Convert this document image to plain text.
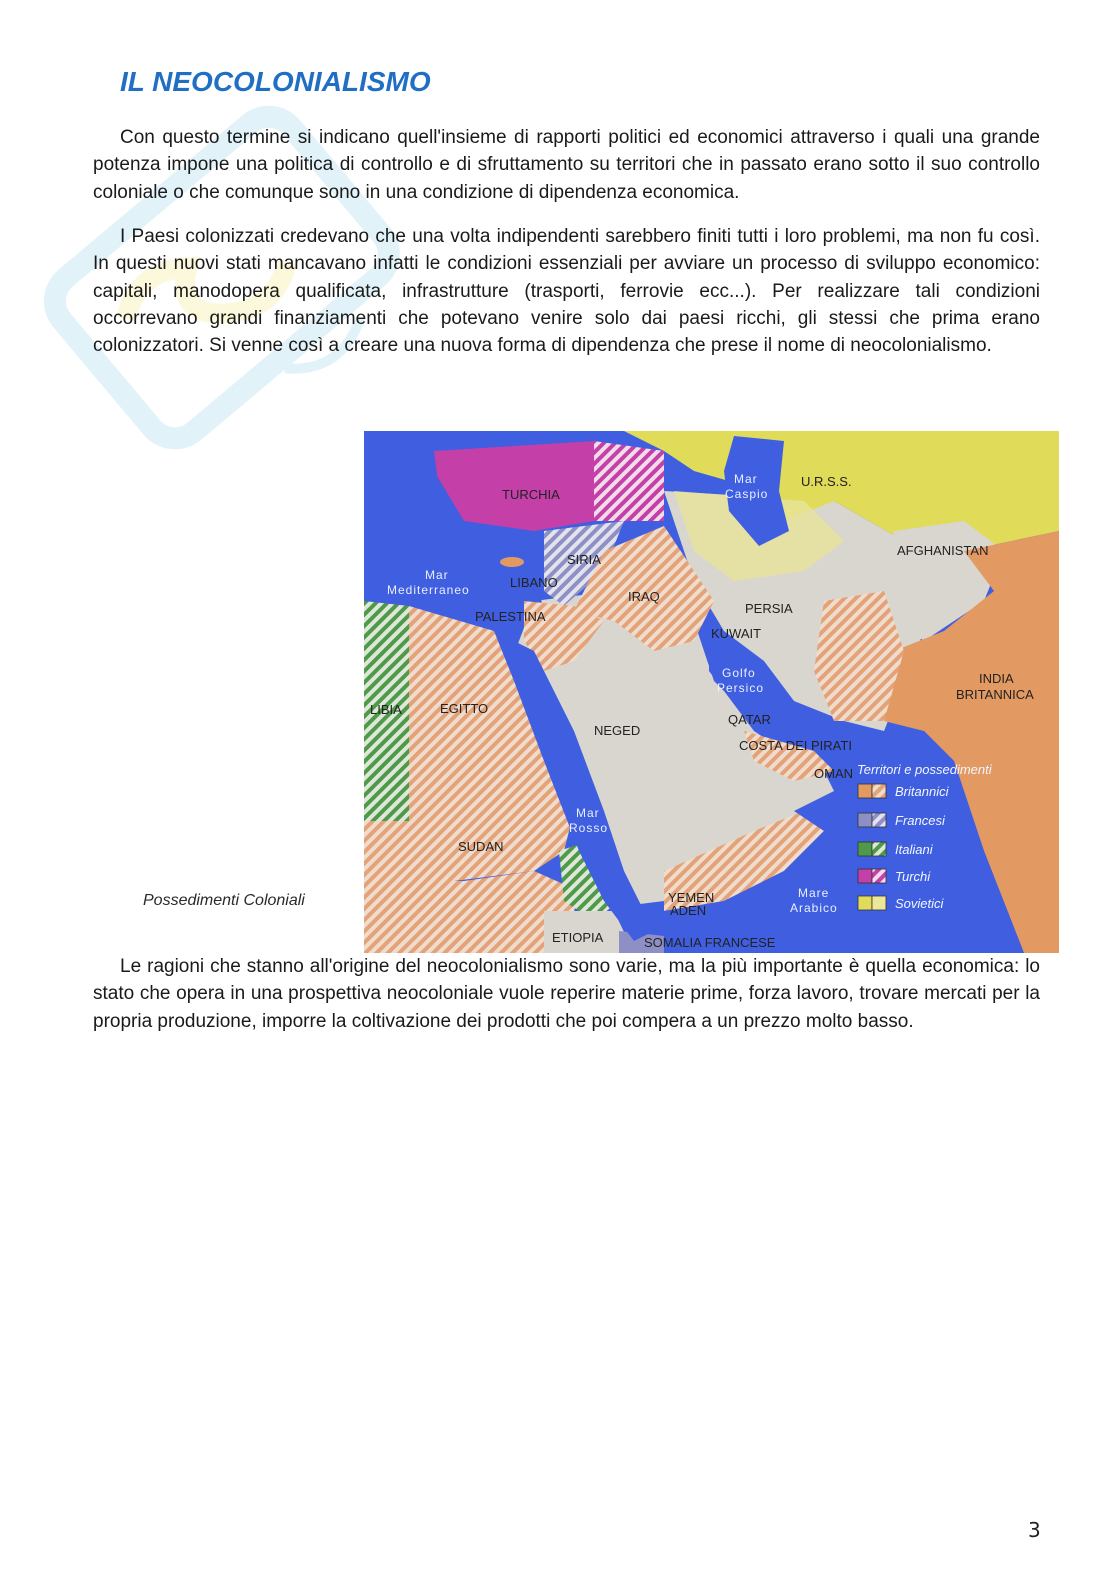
IL NEOCOLONIALISMO

Con questo termine si indicano quell'insieme di rapporti politici ed economici attraverso i quali una grande potenza impone una politica di controllo e di sfruttamento su territori che in passato erano sotto il suo controllo coloniale o che comunque sono in una condizione di dipendenza economica.

I Paesi colonizzati credevano che una volta indipendenti sarebbero finiti tutti i loro problemi, ma non fu così. In questi nuovi stati mancavano infatti le condizioni essenziali per avviare un processo di sviluppo economico: capitali, manodopera qualificata, infrastrutture (trasporti, ferrovie ecc...). Per realizzare tali condizioni occorrevano grandi finanziamenti che potevano venire solo dai paesi ricchi, gli stessi che prima erano colonizzatori. Si venne così a creare una nuova forma di dipendenza che prese il nome di neocolonialismo.

TURCHIA
Mar
Caspio
U.R.S.S.
AFGHANISTAN
SIRIA
LIBANO
Mar
Mediterraneo	IRAQ
PERSIA
PALESTINA
KUWAIT
Golfo
Persico
INDIA
BRITANNICA
LIBIA	EGITTO
NEGED
QATAR
COSTA DEI PIRATI
OMAN
Mar
Rosso
SUDAN
YEMEN
ADEN
Mare
Arabico
ETIOPIA	SOMALIA FRANCESE
Territori e possedimenti
Britannici
Francesi
Italiani
Turchi
Sovietici

Possedimenti Coloniali

Le ragioni che stanno all'origine del neocolonialismo sono varie, ma la più importante è quella economica: lo stato che opera in una prospettiva neocoloniale vuole reperire materie prime, forza lavoro, trovare mercati per la propria produzione, imporre la coltivazione dei prodotti che poi compera a un prezzo molto basso.

3
